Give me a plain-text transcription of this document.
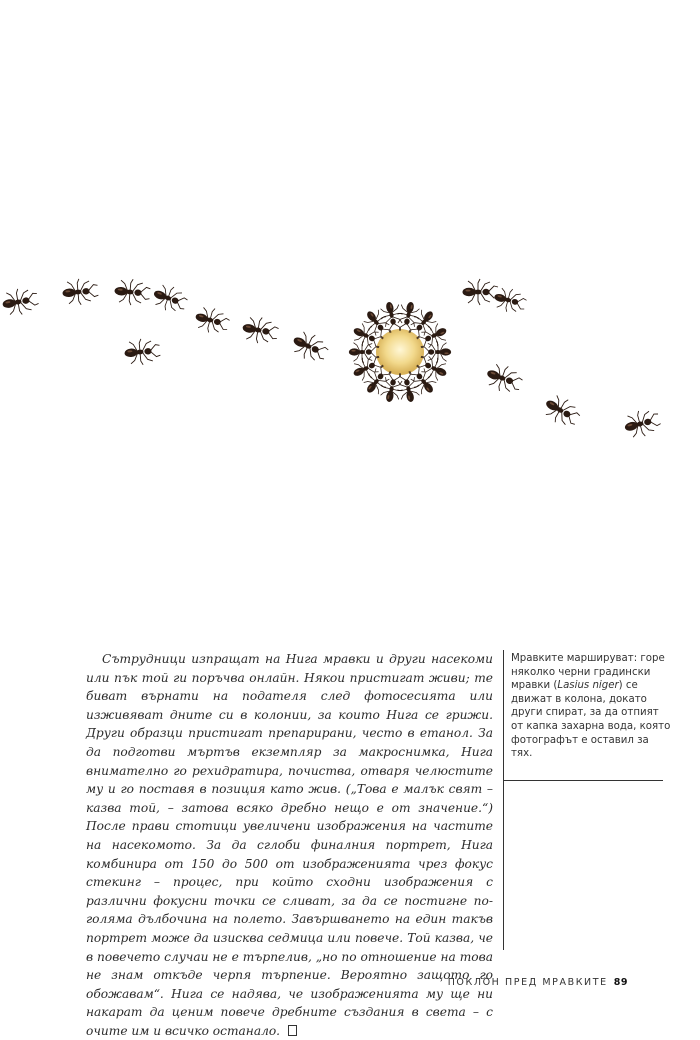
Сътрудници изпращат на Нига мравки и други насекоми или пък той ги поръчва онлайн. Някои пристигат живи; те биват върнати на подателя след фотосесията или изживяват дните си в колонии, за които Нига се грижи. Други образци пристигат препарирани, често в етанол. За да подготви мъртъв екземпляр за макроснимка, Нига внимателно го рехидратира, почиства, отваря челюстите му и го поставя в позиция като жив. („Това е малък свят – казва той, – затова всяко дребно нещо е от значение.“) После прави стотици увеличени изображения на частите на насекомото. За да сглоби финалния портрет, Нига комбинира от 150 до 500 от изображенията чрез фокус стекинг – процес, при който сходни изображения с различни фокусни точки се сливат, за да се постигне по-голяма дълбочина на полето. Завършването на един такъв портрет може да изисква седмица или повече. Той казва, че в повечето случаи не е търпелив, „но по отношение на това не знам откъде черпя търпение. Вероятно защото го обожавам“. Нига се надява, че изображенията му ще ни накарат да ценим повече дребните създания в света – с очите им и всичко останало.

Мравките маршируват: горе няколко черни градински мравки (Lasius niger) се движат в колона, докато други спират, за да отпият от капка захарна вода, която фотографът е оставил за тях.

ПОКЛОН ПРЕД МРАВКИТЕ 89
